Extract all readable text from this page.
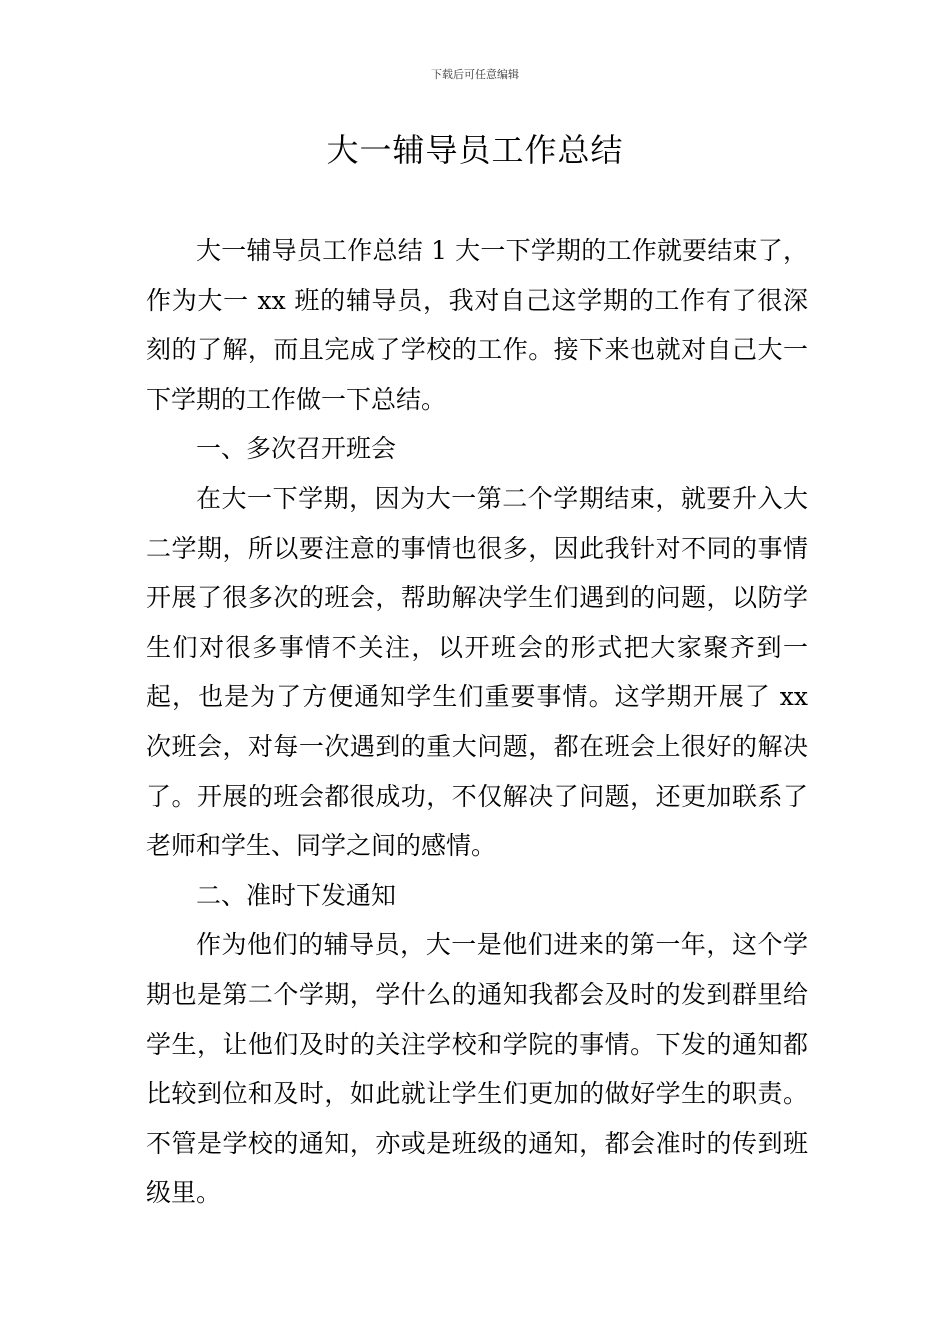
下载后可任意编辑
大一辅导员工作总结

大一辅导员工作总结 1 大一下学期的工作就要结束了，作为大一 xx 班的辅导员，我对自己这学期的工作有了很深刻的了解，而且完成了学校的工作。接下来也就对自己大一下学期的工作做一下总结。

一、多次召开班会

在大一下学期，因为大一第二个学期结束，就要升入大二学期，所以要注意的事情也很多，因此我针对不同的事情开展了很多次的班会，帮助解决学生们遇到的问题，以防学生们对很多事情不关注，以开班会的形式把大家聚齐到一起，也是为了方便通知学生们重要事情。这学期开展了 xx 次班会，对每一次遇到的重大问题，都在班会上很好的解决了。开展的班会都很成功，不仅解决了问题，还更加联系了老师和学生、同学之间的感情。

二、准时下发通知

作为他们的辅导员，大一是他们进来的第一年，这个学期也是第二个学期，学什么的通知我都会及时的发到群里给学生，让他们及时的关注学校和学院的事情。下发的通知都比较到位和及时，如此就让学生们更加的做好学生的职责。不管是学校的通知，亦或是班级的通知，都会准时的传到班级里。
